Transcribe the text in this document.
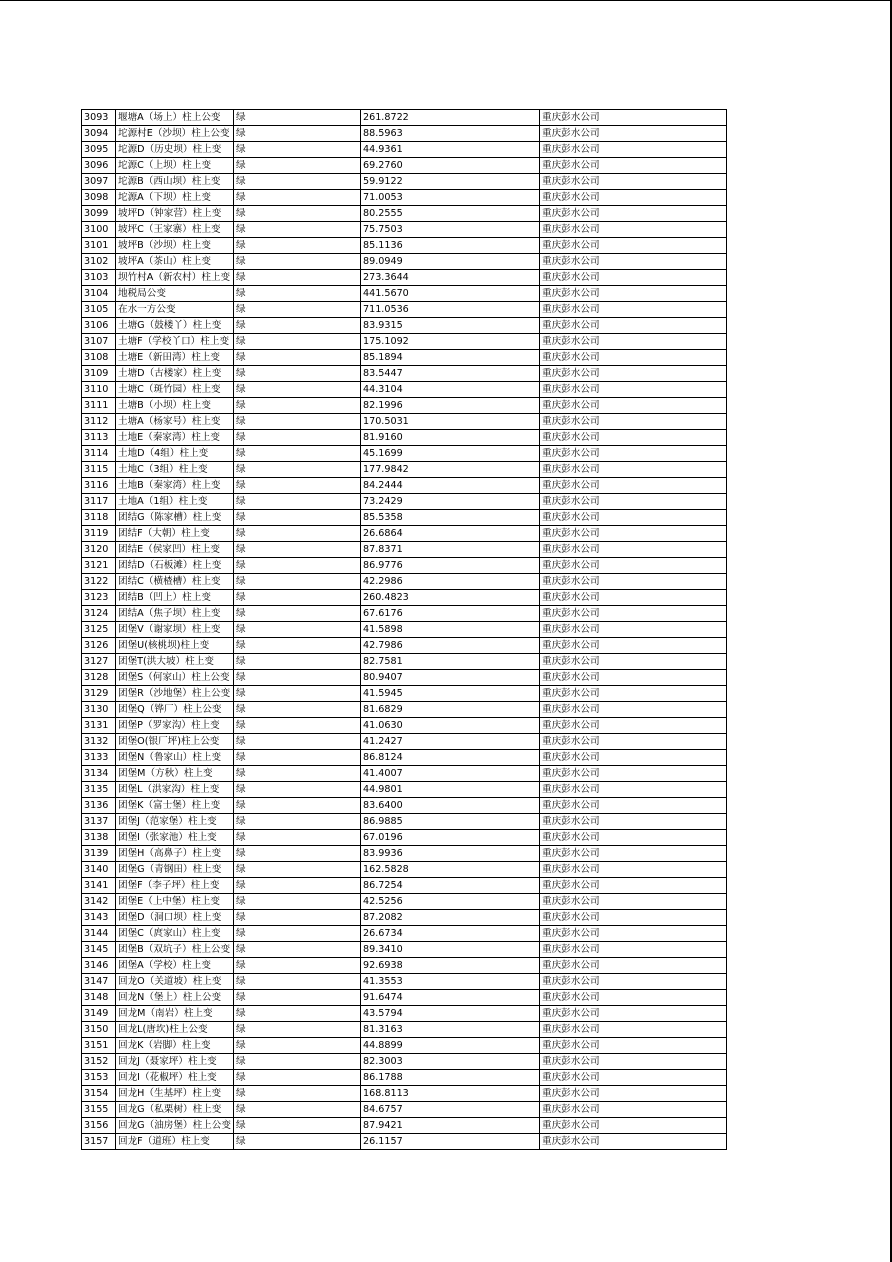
3093	堰塘A（场上）柱上公变	绿	261.8722	重庆彭水公司
3094	坨源村E（沙坝）柱上公变	绿	88.5963	重庆彭水公司
3095	坨源D（历史坝）柱上变	绿	44.9361	重庆彭水公司
3096	坨源C（上坝）柱上变	绿	69.2760	重庆彭水公司
3097	坨源B（西山坝）柱上变	绿	59.9122	重庆彭水公司
3098	坨源A（下坝）柱上变	绿	71.0053	重庆彭水公司
3099	坡坪D（钟家营）柱上变	绿	80.2555	重庆彭水公司
3100	坡坪C（王家寨）柱上变	绿	75.7503	重庆彭水公司
3101	坡坪B（沙坝）柱上变	绿	85.1136	重庆彭水公司
3102	坡坪A（茶山）柱上变	绿	89.0949	重庆彭水公司
3103	坝竹村A（新农村）柱上变	绿	273.3644	重庆彭水公司
3104	地税局公变	绿	441.5670	重庆彭水公司
3105	在水一方公变	绿	711.0536	重庆彭水公司
3106	土塘G（鼓楼丫）柱上变	绿	83.9315	重庆彭水公司
3107	土塘F（学校丫口）柱上变	绿	175.1092	重庆彭水公司
3108	土塘E（新田湾）柱上变	绿	85.1894	重庆彭水公司
3109	土塘D（古楼家）柱上变	绿	83.5447	重庆彭水公司
3110	土塘C（斑竹园）柱上变	绿	44.3104	重庆彭水公司
3111	土塘B（小坝）柱上变	绿	82.1996	重庆彭水公司
3112	土塘A（杨家号）柱上变	绿	170.5031	重庆彭水公司
3113	土地E（秦家湾）柱上变	绿	81.9160	重庆彭水公司
3114	土地D（4组）柱上变	绿	45.1699	重庆彭水公司
3115	土地C（3组）柱上变	绿	177.9842	重庆彭水公司
3116	土地B（秦家湾）柱上变	绿	84.2444	重庆彭水公司
3117	土地A（1组）柱上变	绿	73.2429	重庆彭水公司
3118	团结G（陈家槽）柱上变	绿	85.5358	重庆彭水公司
3119	团结F（大朝）柱上变	绿	26.6864	重庆彭水公司
3120	团结E（侯家凹）柱上变	绿	87.8371	重庆彭水公司
3121	团结D（石板滩）柱上变	绿	86.9776	重庆彭水公司
3122	团结C（横楂槽）柱上变	绿	42.2986	重庆彭水公司
3123	团结B（凹上）柱上变	绿	260.4823	重庆彭水公司
3124	团结A（焦子坝）柱上变	绿	67.6176	重庆彭水公司
3125	团堡V（谢家坝）柱上变	绿	41.5898	重庆彭水公司
3126	团堡U(核桃坝)柱上变	绿	42.7986	重庆彭水公司
3127	团堡T(洪大坡）柱上变	绿	82.7581	重庆彭水公司
3128	团堡S（何家山）柱上公变	绿	80.9407	重庆彭水公司
3129	团堡R（沙地堡）柱上公变	绿	41.5945	重庆彭水公司
3130	团堡Q（铧厂）柱上公变	绿	81.6829	重庆彭水公司
3131	团堡P（罗家沟）柱上变	绿	41.0630	重庆彭水公司
3132	团堡O(银厂坪)柱上公变	绿	41.2427	重庆彭水公司
3133	团堡N（鲁家山）柱上变	绿	86.8124	重庆彭水公司
3134	团堡M（方秋）柱上变	绿	41.4007	重庆彭水公司
3135	团堡L（洪家沟）柱上变	绿	44.9801	重庆彭水公司
3136	团堡K（富士堡）柱上变	绿	83.6400	重庆彭水公司
3137	团堡J（范家堡）柱上变	绿	86.9885	重庆彭水公司
3138	团堡I（张家池）柱上变	绿	67.0196	重庆彭水公司
3139	团堡H（高鼻子）柱上变	绿	83.9936	重庆彭水公司
3140	团堡G（青钢田）柱上变	绿	162.5828	重庆彭水公司
3141	团堡F（李子坪）柱上变	绿	86.7254	重庆彭水公司
3142	团堡E（上中堡）柱上变	绿	42.5256	重庆彭水公司
3143	团堡D（洞口坝）柱上变	绿	87.2082	重庆彭水公司
3144	团堡C（庹家山）柱上变	绿	26.6734	重庆彭水公司
3145	团堡B（双坑子）柱上公变	绿	89.3410	重庆彭水公司
3146	团堡A（学校）柱上变	绿	92.6938	重庆彭水公司
3147	回龙O（关道坡）柱上变	绿	41.3553	重庆彭水公司
3148	回龙N（堡上）柱上公变	绿	91.6474	重庆彭水公司
3149	回龙M（南岩）柱上变	绿	43.5794	重庆彭水公司
3150	回龙L(唐坎)柱上公变	绿	81.3163	重庆彭水公司
3151	回龙K（岩脚）柱上变	绿	44.8899	重庆彭水公司
3152	回龙J（聂家坪）柱上变	绿	82.3003	重庆彭水公司
3153	回龙I（花椒坪）柱上变	绿	86.1788	重庆彭水公司
3154	回龙H（生基坪）柱上变	绿	168.8113	重庆彭水公司
3155	回龙G（私栗树）柱上变	绿	84.6757	重庆彭水公司
3156	回龙G（油房堡）柱上公变	绿	87.9421	重庆彭水公司
3157	回龙F（道班）柱上变	绿	26.1157	重庆彭水公司
